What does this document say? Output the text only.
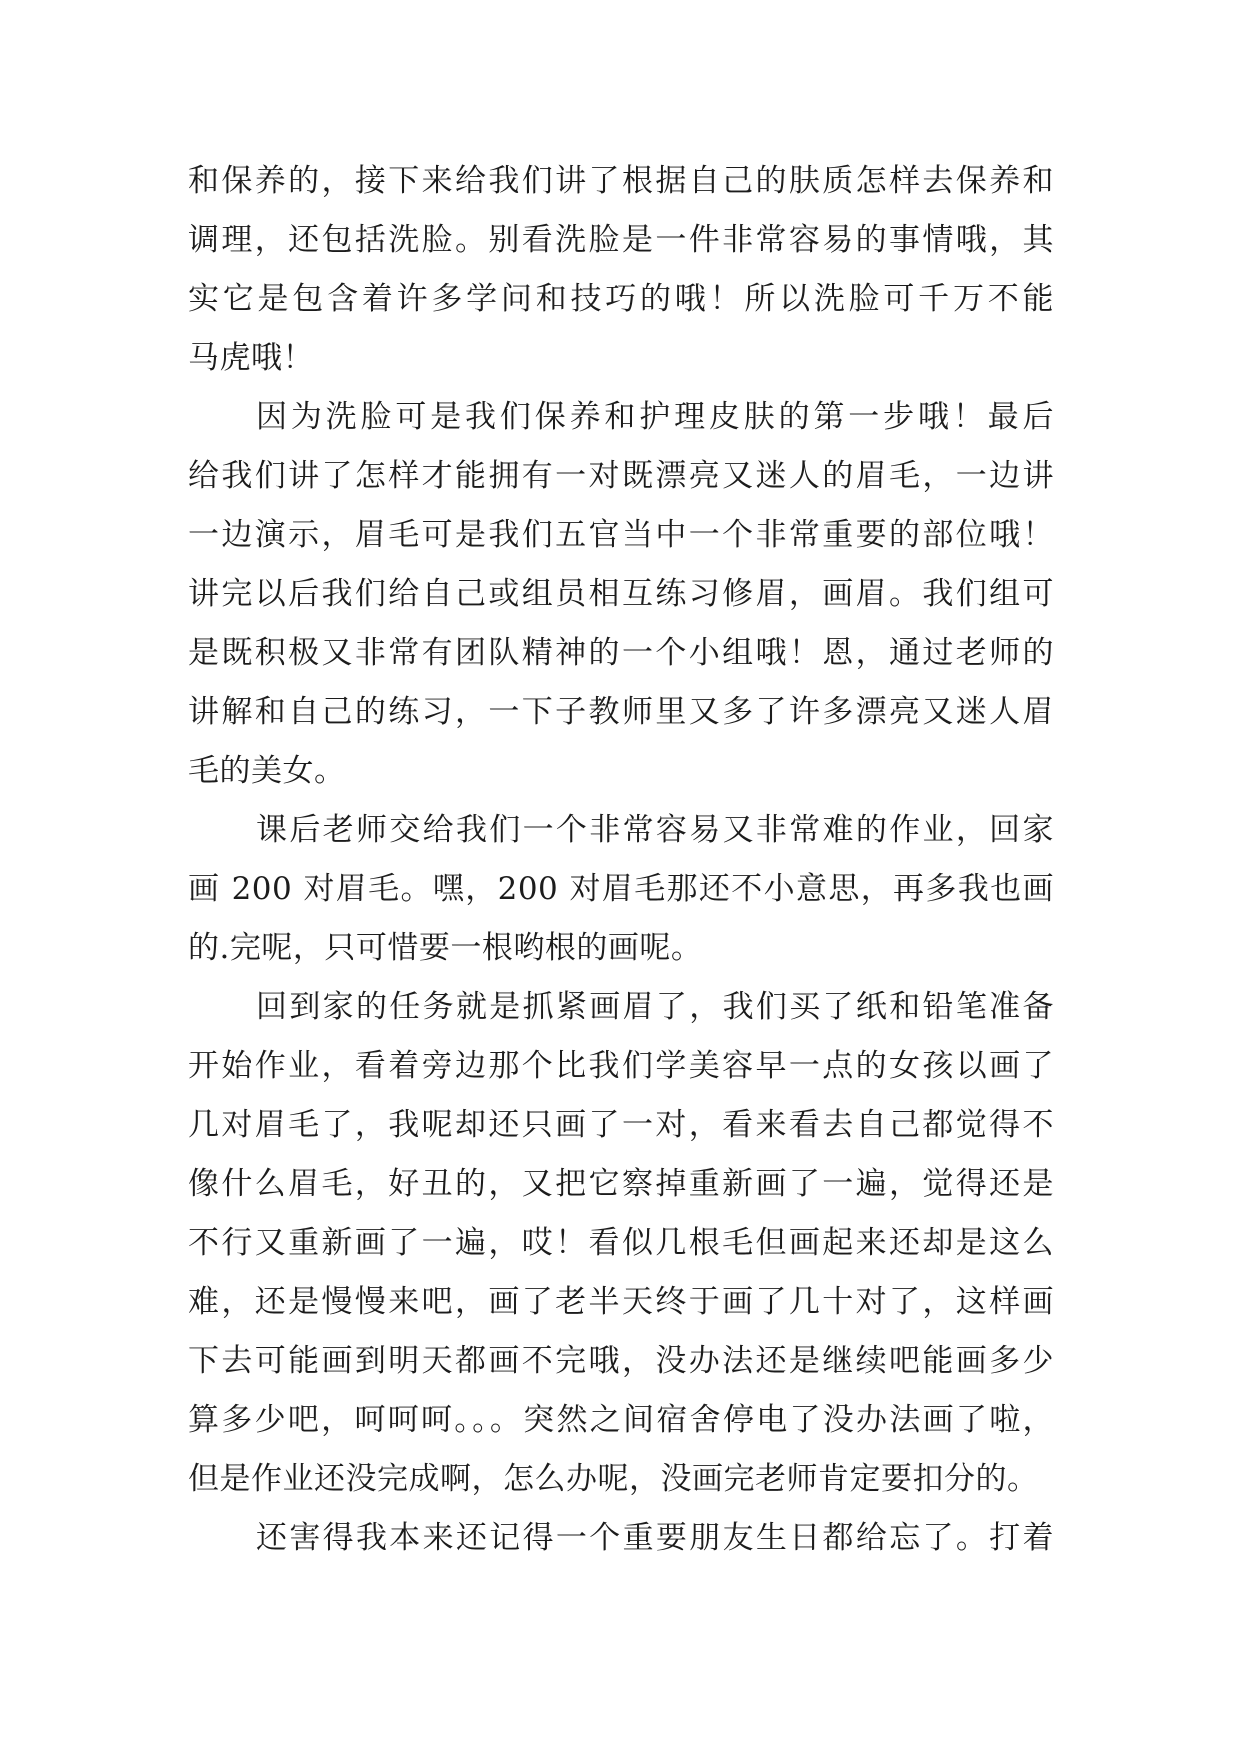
和保养的，接下来给我们讲了根据自己的肤质怎样去保养和
调理，还包括洗脸。别看洗脸是一件非常容易的事情哦，其
实它是包含着许多学问和技巧的哦！所以洗脸可千万不能
马虎哦！
因为洗脸可是我们保养和护理皮肤的第一步哦！最后
给我们讲了怎样才能拥有一对既漂亮又迷人的眉毛，一边讲
一边演示，眉毛可是我们五官当中一个非常重要的部位哦！
讲完以后我们给自己或组员相互练习修眉，画眉。我们组可
是既积极又非常有团队精神的一个小组哦！恩，通过老师的
讲解和自己的练习，一下子教师里又多了许多漂亮又迷人眉
毛的美女。
课后老师交给我们一个非常容易又非常难的作业，回家
画 200 对眉毛。嘿，200 对眉毛那还不小意思，再多我也画
的.完呢，只可惜要一根哟根的画呢。
回到家的任务就是抓紧画眉了，我们买了纸和铅笔准备
开始作业，看着旁边那个比我们学美容早一点的女孩以画了
几对眉毛了，我呢却还只画了一对，看来看去自己都觉得不
像什么眉毛，好丑的，又把它察掉重新画了一遍，觉得还是
不行又重新画了一遍，哎！看似几根毛但画起来还却是这么
难，还是慢慢来吧，画了老半天终于画了几十对了，这样画
下去可能画到明天都画不完哦，没办法还是继续吧能画多少
算多少吧，呵呵呵。。。突然之间宿舍停电了没办法画了啦，
但是作业还没完成啊，怎么办呢，没画完老师肯定要扣分的。
还害得我本来还记得一个重要朋友生日都给忘了。打着
